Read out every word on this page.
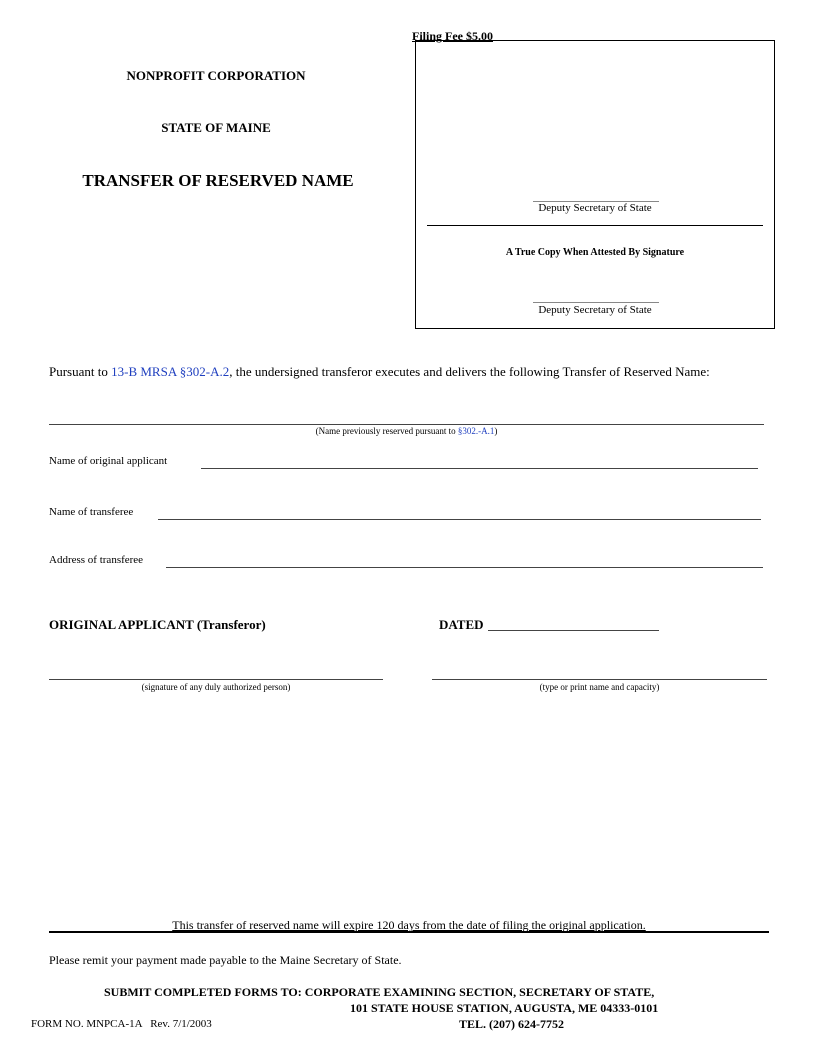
Filing Fee $5.00
NONPROFIT CORPORATION
STATE OF MAINE
TRANSFER OF RESERVED NAME
Deputy Secretary of State
A True Copy When Attested By Signature
Deputy Secretary of State
Pursuant to 13-B MRSA §302-A.2, the undersigned transferor executes and delivers the following Transfer of Reserved Name:
(Name previously reserved pursuant to §302.-A.1)
Name of original applicant
Name of transferee
Address of transferee
ORIGINAL APPLICANT (Transferor)	DATED
(signature of any duly authorized person)	(type or print name and capacity)
This transfer of reserved name will expire 120 days from the date of filing the original application.
Please remit your payment made payable to the Maine Secretary of State.
SUBMIT COMPLETED FORMS TO: CORPORATE EXAMINING SECTION, SECRETARY OF STATE,
101 STATE HOUSE STATION, AUGUSTA, ME 04333-0101
TEL. (207) 624-7752
FORM NO. MNPCA-1A   Rev. 7/1/2003
